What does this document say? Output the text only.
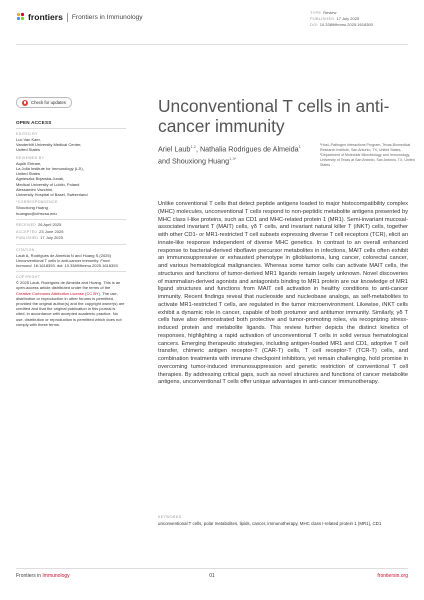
frontiers Frontiers in Immunology
TYPE Review
PUBLISHED 17 July 2025
DOI 10.3389/fimmu.2025.1618393
Check for updates
OPEN ACCESS
EDITED BY
Luc Van Kaer,
Vanderbilt University Medical Center,
United States
REVIEWED BY
Aquib Ehtram,
La Jolla Institute for Immunology (LJI),
United States
Agnieszka Bojarska-Junak,
Medical University of Lublin, Poland
Alessandro Vacchini,
University Hospital of Basel, Switzerland
*CORRESPONDENCE
Shouxiong Huang
huangsx@uthscsa.edu
RECEIVED 26 April 2025
ACCEPTED 23 June 2025
PUBLISHED 17 July 2025
CITATION
Laub A, Rodrigues de Almeida N and Huang S (2025) Unconventional T cells in anti-cancer immunity. Front. Immunol. 16:1618393. doi: 10.3389/fimmu.2025.1618393
COPYRIGHT
© 2025 Laub, Rodrigues de Almeida and Huang. This is an open-access article distributed under the terms of the Creative Commons Attribution License (CC BY). The use, distribution or reproduction in other forums is permitted, provided the original author(s) and the copyright owner(s) are credited and that the original publication in this journal is cited, in accordance with accepted academic practice. No use, distribution or reproduction is permitted which does not comply with these terms.
Unconventional T cells in anti-cancer immunity
Ariel Laub$^{1,2}$, Nathalia Rodrigues de Almeida$^1$
and Shouxiong Huang$^{1,3*}$
¹Host–Pathogen Interactions Program, Texas Biomedical Research Institute, San Antonio, TX, United States, ²Department of Molecular Microbiology and Immunology, University of Texas at San Antonio, San Antonio, TX, United States

Unlike conventional T cells that detect peptide antigens loaded to major histocompatibility complex (MHC) molecules, unconventional T cells respond to non-peptidic metabolite antigens presented by MHC class I-like proteins, such as CD1 and MHC-related protein 1 (MR1). Semi-invariant mucosal-associated invariant T (MAIT) cells, γδ T cells, and invariant natural killer T (iNKT) cells, together with other CD1- or MR1-restricted T cell subsets expressing diverse T cell receptors (TCR), elicit an innate-like response independent of diverse MHC genetics. In contrast to an overall enhanced response to bacterial-derived riboflavin precursor metabolites in infections, MAIT cells often exhibit an immunosuppressive or exhausted phenotype in glioblastoma, lung cancer, colorectal cancer, and various hematological malignancies. Whereas some tumor cells can activate MAIT cells, the structures and functions of tumor-derived MR1 ligands remain largely unknown. Novel discoveries of mammalian-derived agonists and antagonists binding to MR1 protein are our knowledge of MR1 ligand structures and functions from MAIT cell activation in healthy conditions to anti-cancer immunity. Recent findings reveal that nucleoside and nucleobase analogs, as self-metabolites to activate MR1-restricted T cells, are regulated in the tumor microenvironment. Likewise, iNKT cells exhibit a dynamic role in cancer, capable of both protumor and antitumor immunity. Similarly, γδ T cells have also demonstrated both protective and tumor-promoting roles, via recognizing stress-induced protein and metabolite ligands. This review further depicts the distinct kinetics of responses, highlighting a rapid activation of unconventional T cells in solid versus hematological cancers. Emerging therapeutic strategies, including antigen-loaded MR1 and CD1, adoptive T cell transfer, chimeric antigen receptor-T (CAR-T) cells, T cell receptor-T (TCR-T) cells, and combination treatments with immune checkpoint inhibitors, yet remain challenging, hold promise in overcoming tumor-induced immunosuppression and genetic restriction of conventional T cell therapies. By addressing critical gaps, such as novel structures and functions of cancer metabolite antigens, unconventional T cells offer unique advantages in anti-cancer immunotherapy.

KEYWORDS
unconventional T cells, polar metabolites, lipids, cancer, immunotherapy, MHC class I-related protein 1 (MR1), CD1
Frontiers in Immunology	01	frontiersin.org
